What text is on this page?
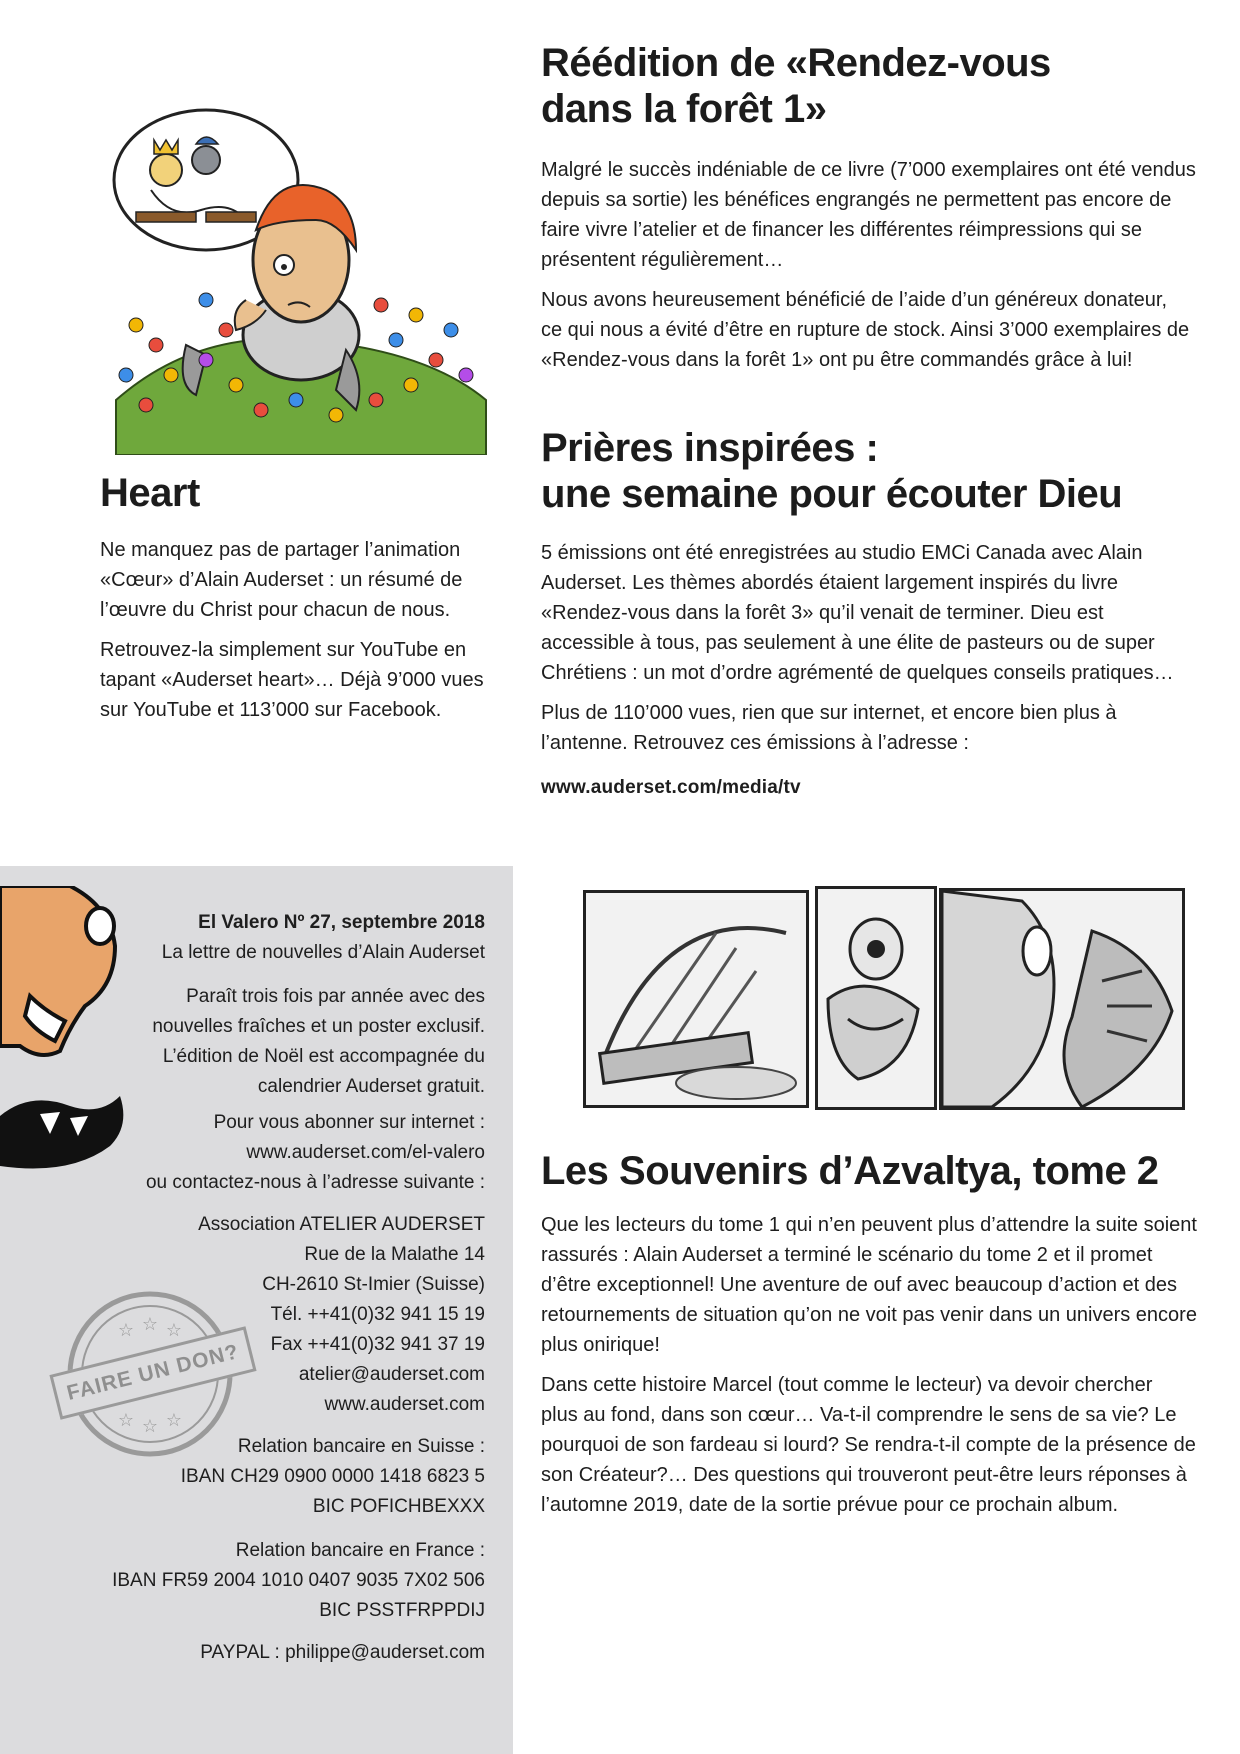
Réédition de «Rendez-vous
dans la forêt 1»

Malgré le succès indéniable de ce livre (7’000 exemplaires ont été vendus
depuis sa sortie) les bénéfices engrangés ne permettent pas encore de
faire vivre l’atelier et de financer les différentes réimpressions qui se
présentent régulièrement…

Nous avons heureusement bénéficié de l’aide d’un généreux donateur,
ce qui nous a évité d’être en rupture de stock. Ainsi 3’000 exemplaires de
«Rendez-vous dans la forêt 1» ont pu être commandés grâce à lui!

Heart

Ne manquez pas de partager l’animation
«Cœur» d’Alain Auderset : un résumé de
l’œuvre du Christ pour chacun de nous.

Retrouvez-la simplement sur YouTube en
tapant «Auderset heart»… Déjà 9’000 vues
sur YouTube et 113’000 sur Facebook.

Prières inspirées :
une semaine pour écouter Dieu

5 émissions ont été enregistrées au studio EMCi Canada avec Alain
Auderset. Les thèmes abordés étaient largement inspirés du livre
«Rendez-vous dans la forêt 3» qu’il venait de terminer. Dieu est
accessible à tous, pas seulement à une élite de pasteurs ou de super
Chrétiens : un mot d’ordre agrémenté de quelques conseils pratiques…

Plus de 110’000 vues, rien que sur internet, et encore bien plus à
l’antenne. Retrouvez ces émissions à l’adresse :

www.auderset.com/media/tv

El Valero Nº 27, septembre 2018
La lettre de nouvelles d’Alain Auderset
Paraît trois fois par année avec des
nouvelles fraîches et un poster exclusif.
L’édition de Noël est accompagnée du
calendrier Auderset gratuit.
Pour vous abonner sur internet :
www.auderset.com/el-valero
ou contactez-nous à l’adresse suivante :
Association ATELIER AUDERSET
Rue de la Malathe 14
CH-2610 St-Imier (Suisse)
Tél. ++41(0)32 941 15 19
Fax ++41(0)32 941 37 19
atelier@auderset.com
www.auderset.com
Relation bancaire en Suisse :
IBAN CH29 0900 0000 1418 6823 5
BIC POFICHBEXXX
Relation bancaire en France :
IBAN FR59 2004 1010 0407 9035 7X02 506
BIC PSSTFRPPDIJ
PAYPAL : philippe@auderset.com
☆ ☆ ☆
☆ ☆ ☆
FAIRE UN DON?
Les Souvenirs d’Azvaltya, tome 2

Que les lecteurs du tome 1 qui n’en peuvent plus d’attendre la suite soient
rassurés : Alain Auderset a terminé le scénario du tome 2 et il promet
d’être exceptionnel! Une aventure de ouf avec beaucoup d’action et des
retournements de situation qu’on ne voit pas venir dans un univers encore
plus onirique!

Dans cette histoire Marcel (tout comme le lecteur) va devoir chercher
plus au fond, dans son cœur… Va-t-il comprendre le sens de sa vie? Le
pourquoi de son fardeau si lourd? Se rendra-t-il compte de la présence de
son Créateur?… Des questions qui trouveront peut-être leurs réponses à
l’automne 2019, date de la sortie prévue pour ce prochain album.
